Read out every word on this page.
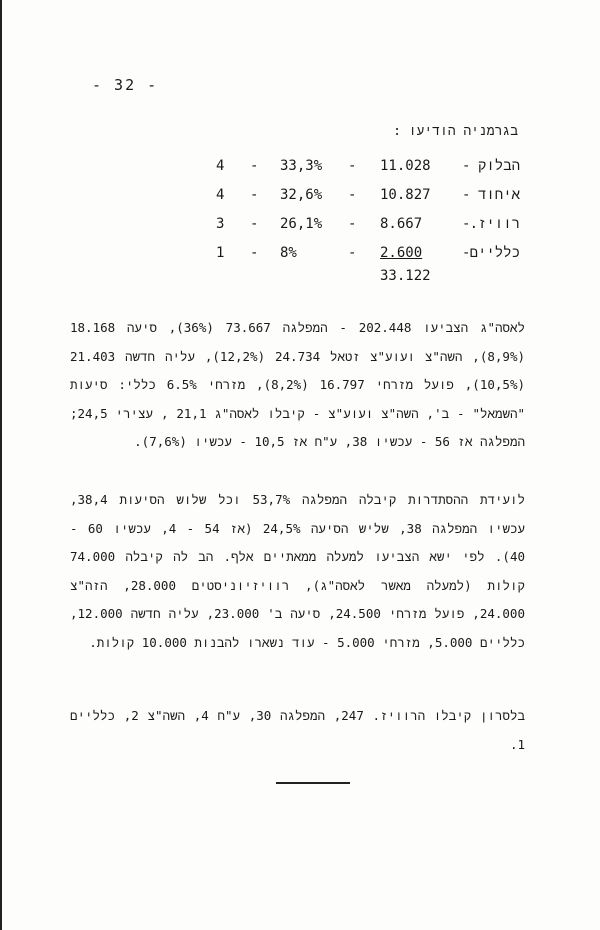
- 32 -
בגרמניה הודיעו :
4 - 33,3% - 11.028 - הבלוק
4 - 32,6% - 10.827 - איחוד
3 - 26,1% - 8.667	- רוויז.
1 - 8%	- 2.600	- כלליים
33.122
לאסה"ג הצביעו 202.448 - המפלגה 73.667 (36%), סיעה 18.168 (8,9%), השה"צ ועוע"צ זטאל 24.734 (12,2%), עליה חדשה 21.403 (10,5%), פועל מזרחי 16.797 (8,2%), מזרחי 6.5% כללי: סיעות "השמאל" - ב', השה"צ ועוע"צ - קיבלו לאסה"ג 21,1 , עצירי 24,5; המפלגה אז 56 - עכשיו 38, ע"ח אז 10,5 - עכשיו (7,6%).
לועידת ההסתדרות קיבלה המפלגה 53,7% וכל שלוש הסיעות 38,4, עכשיו המפלגה 38, שליש הסיעה 24,5% (אז 54 - 4, עכשיו 60 - 40). לפי ישא הצביעו למעלה ממאתיים אלף. הב לה קיבלה 74.000 קולות (למעלה מאשר לאסה"ג), רוויזיוניסטים 28.000, הזה"צ 24.000, פועל מזרחי 24.500, סיעה ב' 23.000, עליה חדשה 12.000, כלליים 5.000, מזרחי 5.000 - עוד נשארו להבנות 10.000 קולות.
בלסרון קיבלו הרוויז. 247, המפלגה 30, ע"ח 4, השה"צ 2, כלליים 1.
